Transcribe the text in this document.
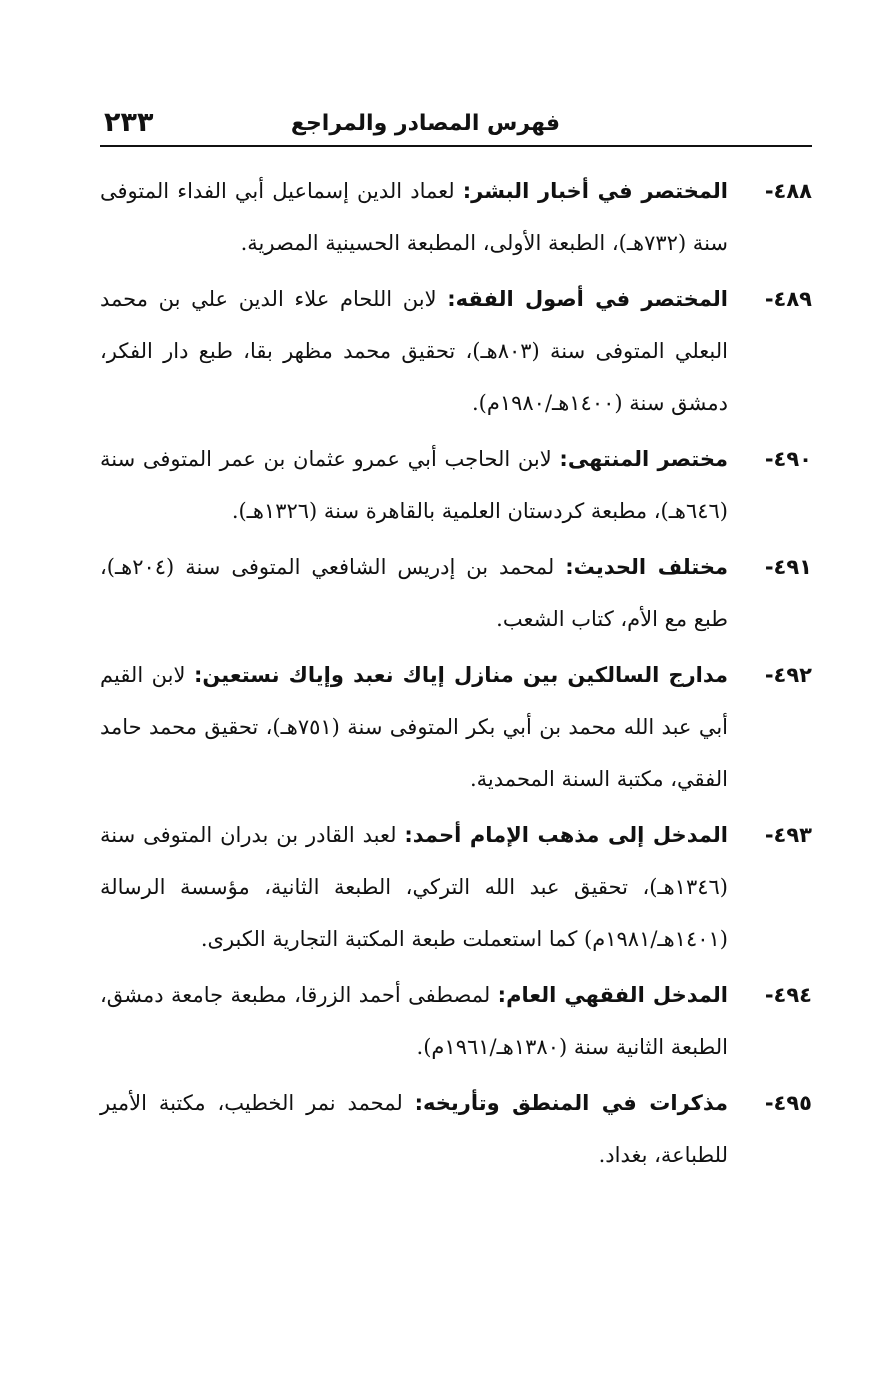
فهرس المصادر والمراجع
٢٣٣
٤٨٨-
المختصر في أخبار البشر: لعماد الدين إسماعيل أبي الفداء المتوفى سنة (٧٣٢هـ)، الطبعة الأولى، المطبعة الحسينية المصرية.
٤٨٩-
المختصر في أصول الفقه: لابن اللحام علاء الدين علي بن محمد البعلي المتوفى سنة (٨٠٣هـ)، تحقيق محمد مظهر بقا، طبع دار الفكر، دمشق سنة (١٤٠٠هـ/١٩٨٠م).
٤٩٠-
مختصر المنتهى: لابن الحاجب أبي عمرو عثمان بن عمر المتوفى سنة (٦٤٦هـ)، مطبعة كردستان العلمية بالقاهرة سنة (١٣٢٦هـ).
٤٩١-
مختلف الحديث: لمحمد بن إدريس الشافعي المتوفى سنة (٢٠٤هـ)، طبع مع الأم، كتاب الشعب.
٤٩٢-
مدارج السالكين بين منازل إياك نعبد وإياك نستعين: لابن القيم أبي عبد الله محمد بن أبي بكر المتوفى سنة (٧٥١هـ)، تحقيق محمد حامد الفقي، مكتبة السنة المحمدية.
٤٩٣-
المدخل إلى مذهب الإمام أحمد: لعبد القادر بن بدران المتوفى سنة (١٣٤٦هـ)، تحقيق عبد الله التركي، الطبعة الثانية، مؤسسة الرسالة (١٤٠١هـ/١٩٨١م) كما استعملت طبعة المكتبة التجارية الكبرى.
٤٩٤-
المدخل الفقهي العام: لمصطفى أحمد الزرقا، مطبعة جامعة دمشق، الطبعة الثانية سنة (١٣٨٠هـ/١٩٦١م).
٤٩٥-
مذكرات في المنطق وتأريخه: لمحمد نمر الخطيب، مكتبة الأمير للطباعة، بغداد.
